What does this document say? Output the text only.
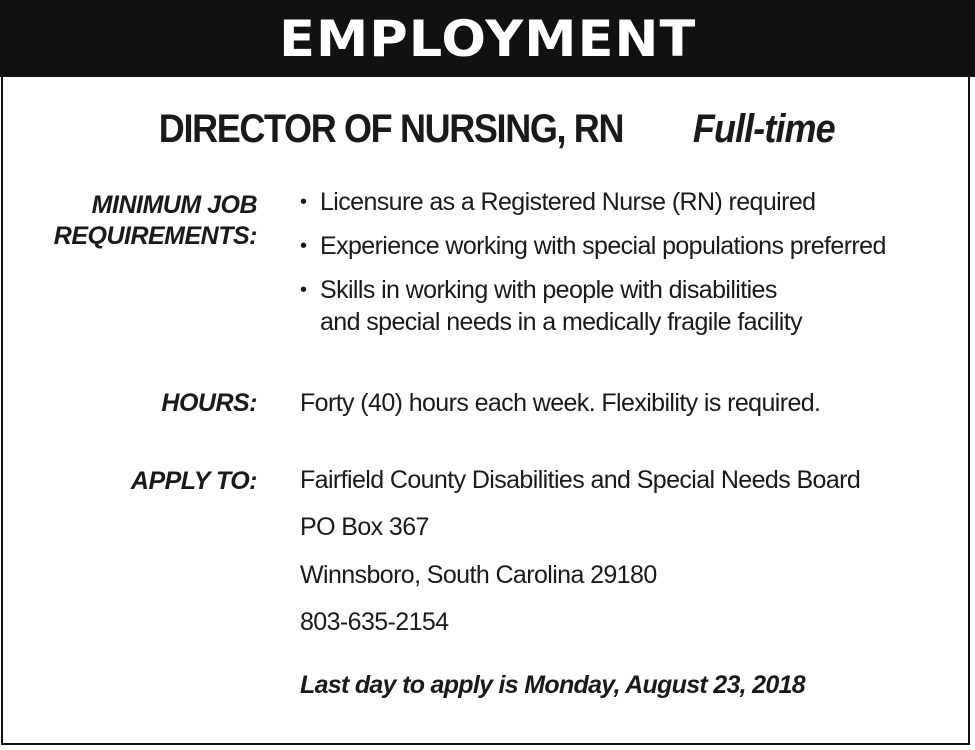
EMPLOYMENT
DIRECTOR OF NURSING, RN Full-time
MINIMUM JOB
REQUIREMENTS:
• Licensure as a Registered Nurse (RN) required
• Experience working with special populations preferred
• Skills in working with people with disabilities
and special needs in a medically fragile facility
HOURS: Forty (40) hours each week. Flexibility is required.
APPLY TO: Fairfield County Disabilities and Special Needs Board
PO Box 367
Winnsboro, South Carolina 29180
803-635-2154
Last day to apply is Monday, August 23, 2018
